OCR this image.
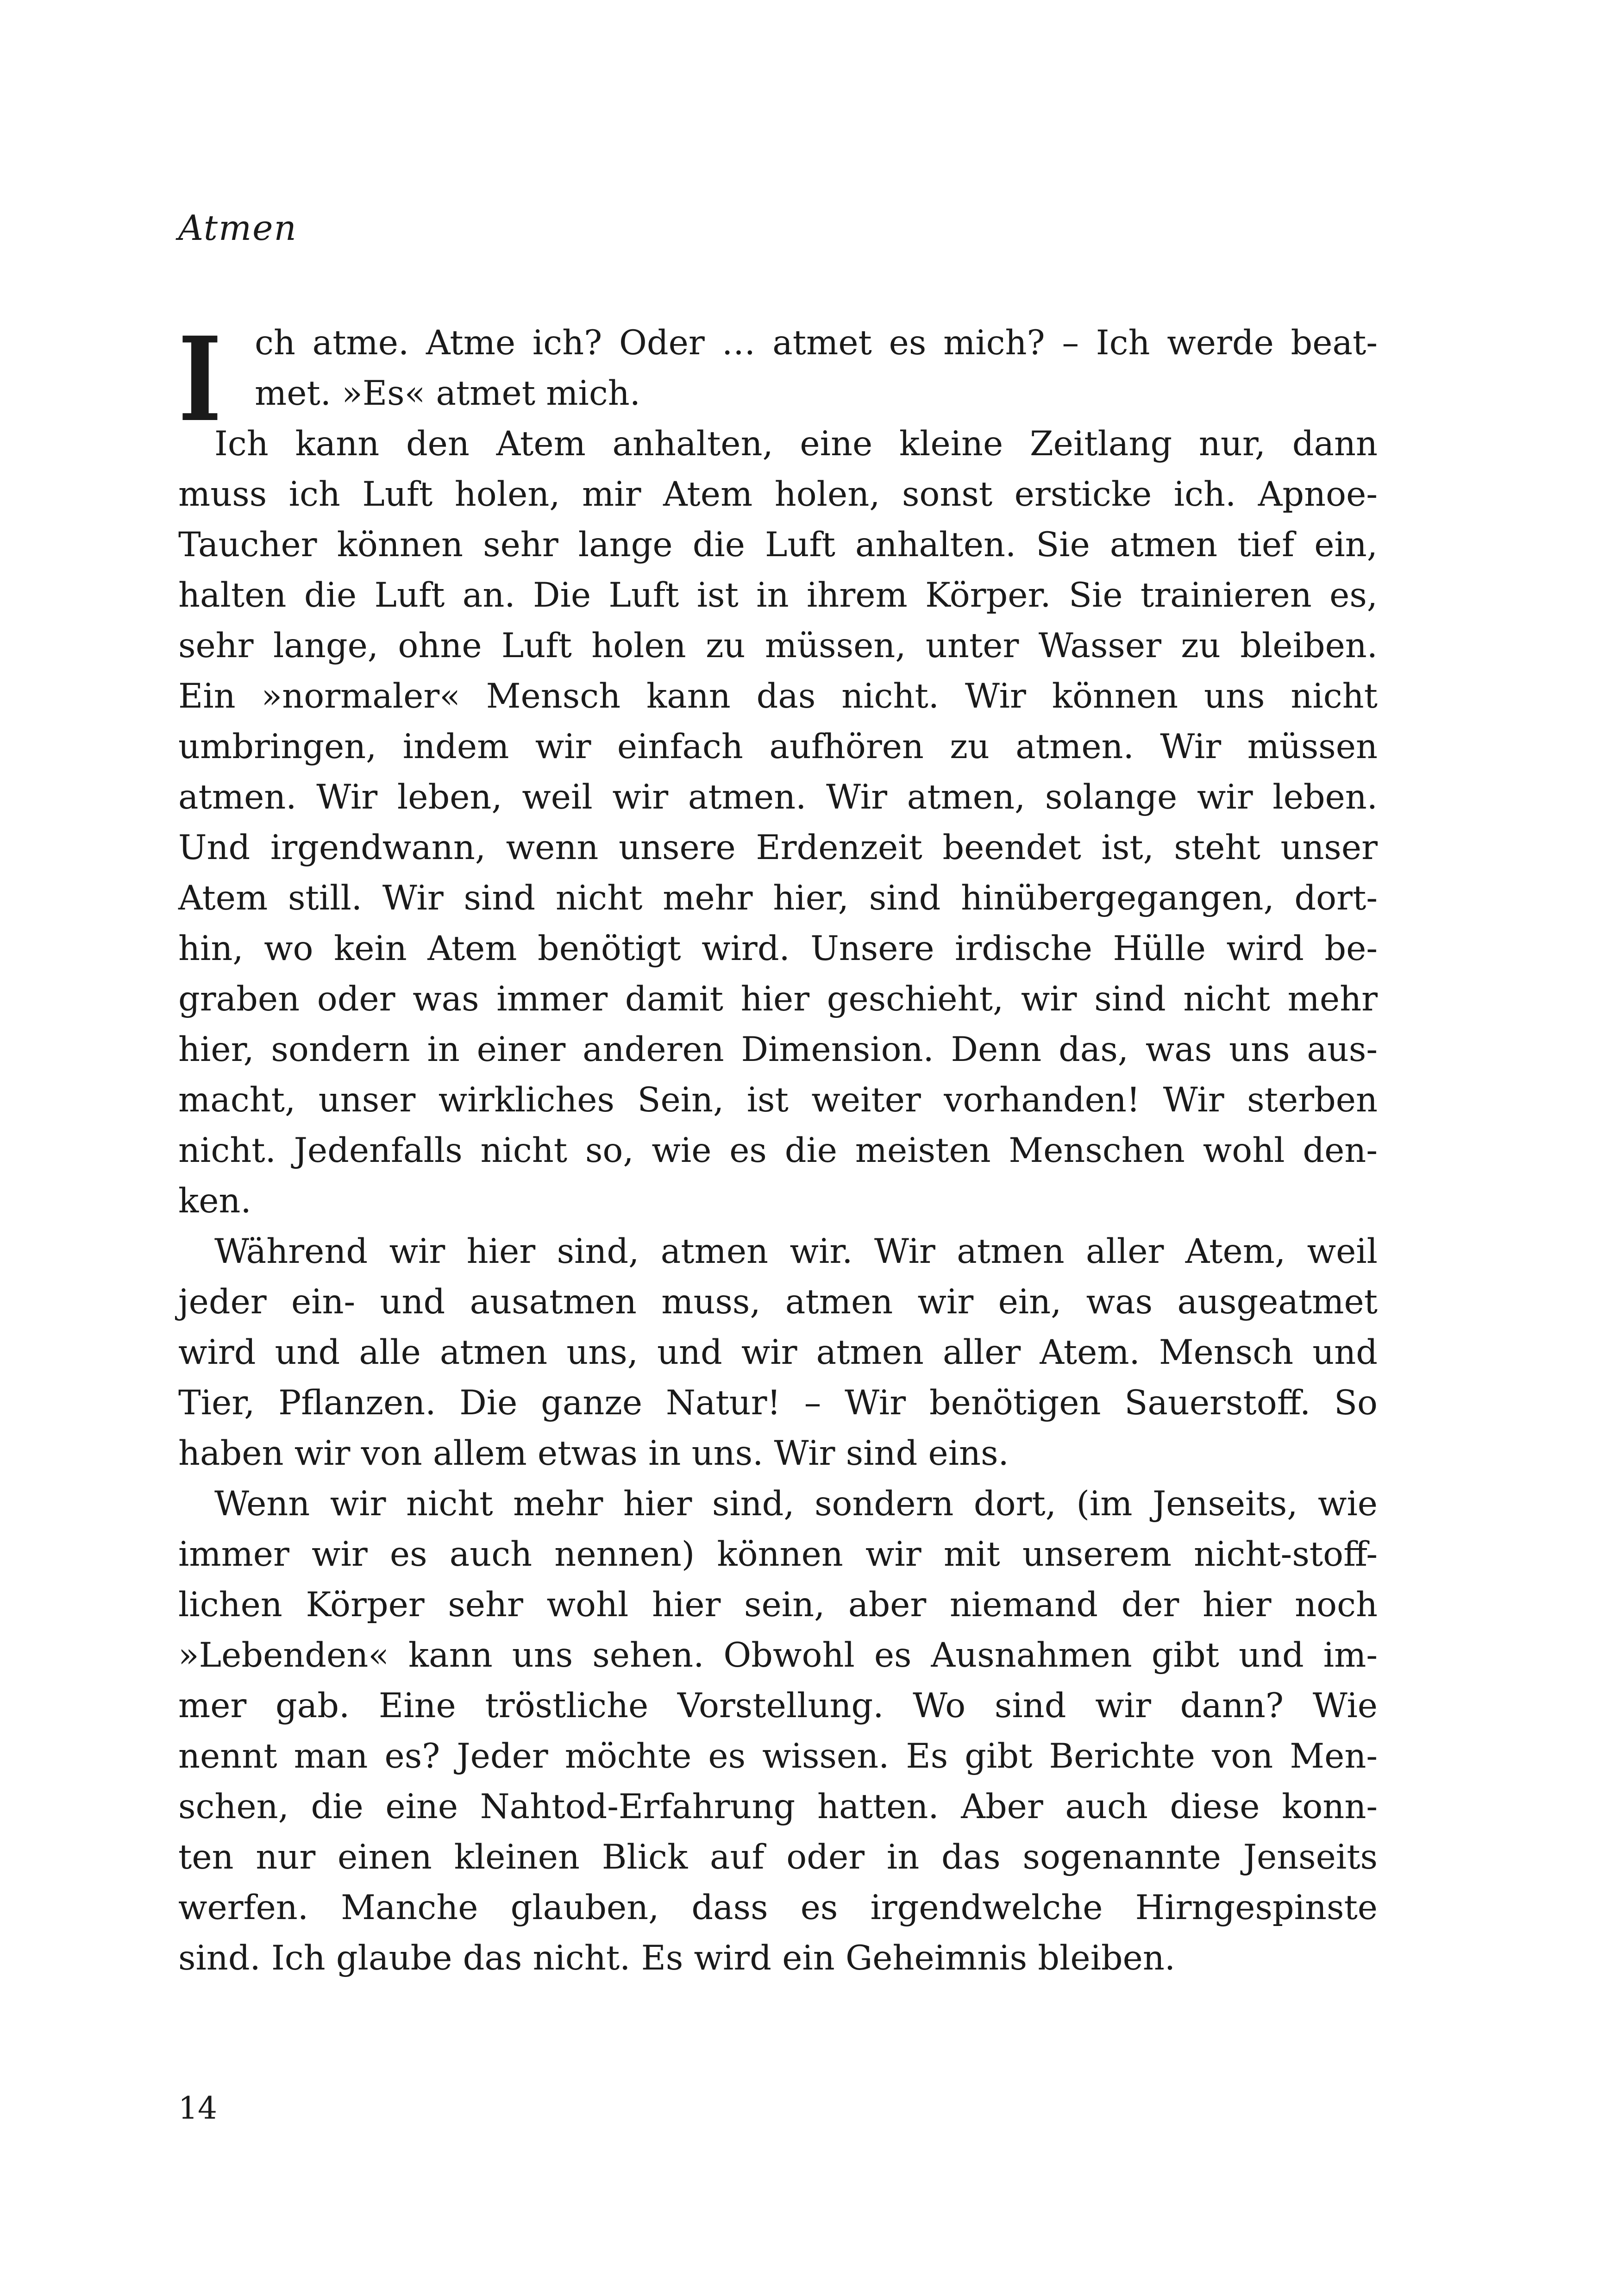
Atmen
I ch atme. Atme ich? Oder … atmet es mich? – Ich werde beat-
met. »Es« atmet mich.
Ich kann den Atem anhalten, eine kleine Zeitlang nur, dann
muss ich Luft holen, mir Atem holen, sonst ersticke ich. Apnoe-
Taucher können sehr lange die Luft anhalten. Sie atmen tief ein,
halten die Luft an. Die Luft ist in ihrem Körper. Sie trainieren es,
sehr lange, ohne Luft holen zu müssen, unter Wasser zu bleiben.
Ein »normaler« Mensch kann das nicht. Wir können uns nicht
umbringen, indem wir einfach aufhören zu atmen. Wir müssen
atmen. Wir leben, weil wir atmen. Wir atmen, solange wir leben.
Und irgendwann, wenn unsere Erdenzeit beendet ist, steht unser
Atem still. Wir sind nicht mehr hier, sind hinübergegangen, dort-
hin, wo kein Atem benötigt wird. Unsere irdische Hülle wird be-
graben oder was immer damit hier geschieht, wir sind nicht mehr
hier, sondern in einer anderen Dimension. Denn das, was uns aus-
macht, unser wirkliches Sein, ist weiter vorhanden! Wir sterben
nicht. Jedenfalls nicht so, wie es die meisten Menschen wohl den-
ken.
Während wir hier sind, atmen wir. Wir atmen aller Atem, weil
jeder ein- und ausatmen muss, atmen wir ein, was ausgeatmet
wird und alle atmen uns, und wir atmen aller Atem. Mensch und
Tier, Pflanzen. Die ganze Natur! – Wir benötigen Sauerstoff. So
haben wir von allem etwas in uns. Wir sind eins.
Wenn wir nicht mehr hier sind, sondern dort, (im Jenseits, wie
immer wir es auch nennen) können wir mit unserem nicht-stoff-
lichen Körper sehr wohl hier sein, aber niemand der hier noch
»Lebenden« kann uns sehen. Obwohl es Ausnahmen gibt und im-
mer gab. Eine tröstliche Vorstellung. Wo sind wir dann? Wie
nennt man es? Jeder möchte es wissen. Es gibt Berichte von Men-
schen, die eine Nahtod-Erfahrung hatten. Aber auch diese konn-
ten nur einen kleinen Blick auf oder in das sogenannte Jenseits
werfen. Manche glauben, dass es irgendwelche Hirngespinste
sind. Ich glaube das nicht. Es wird ein Geheimnis bleiben.

14
